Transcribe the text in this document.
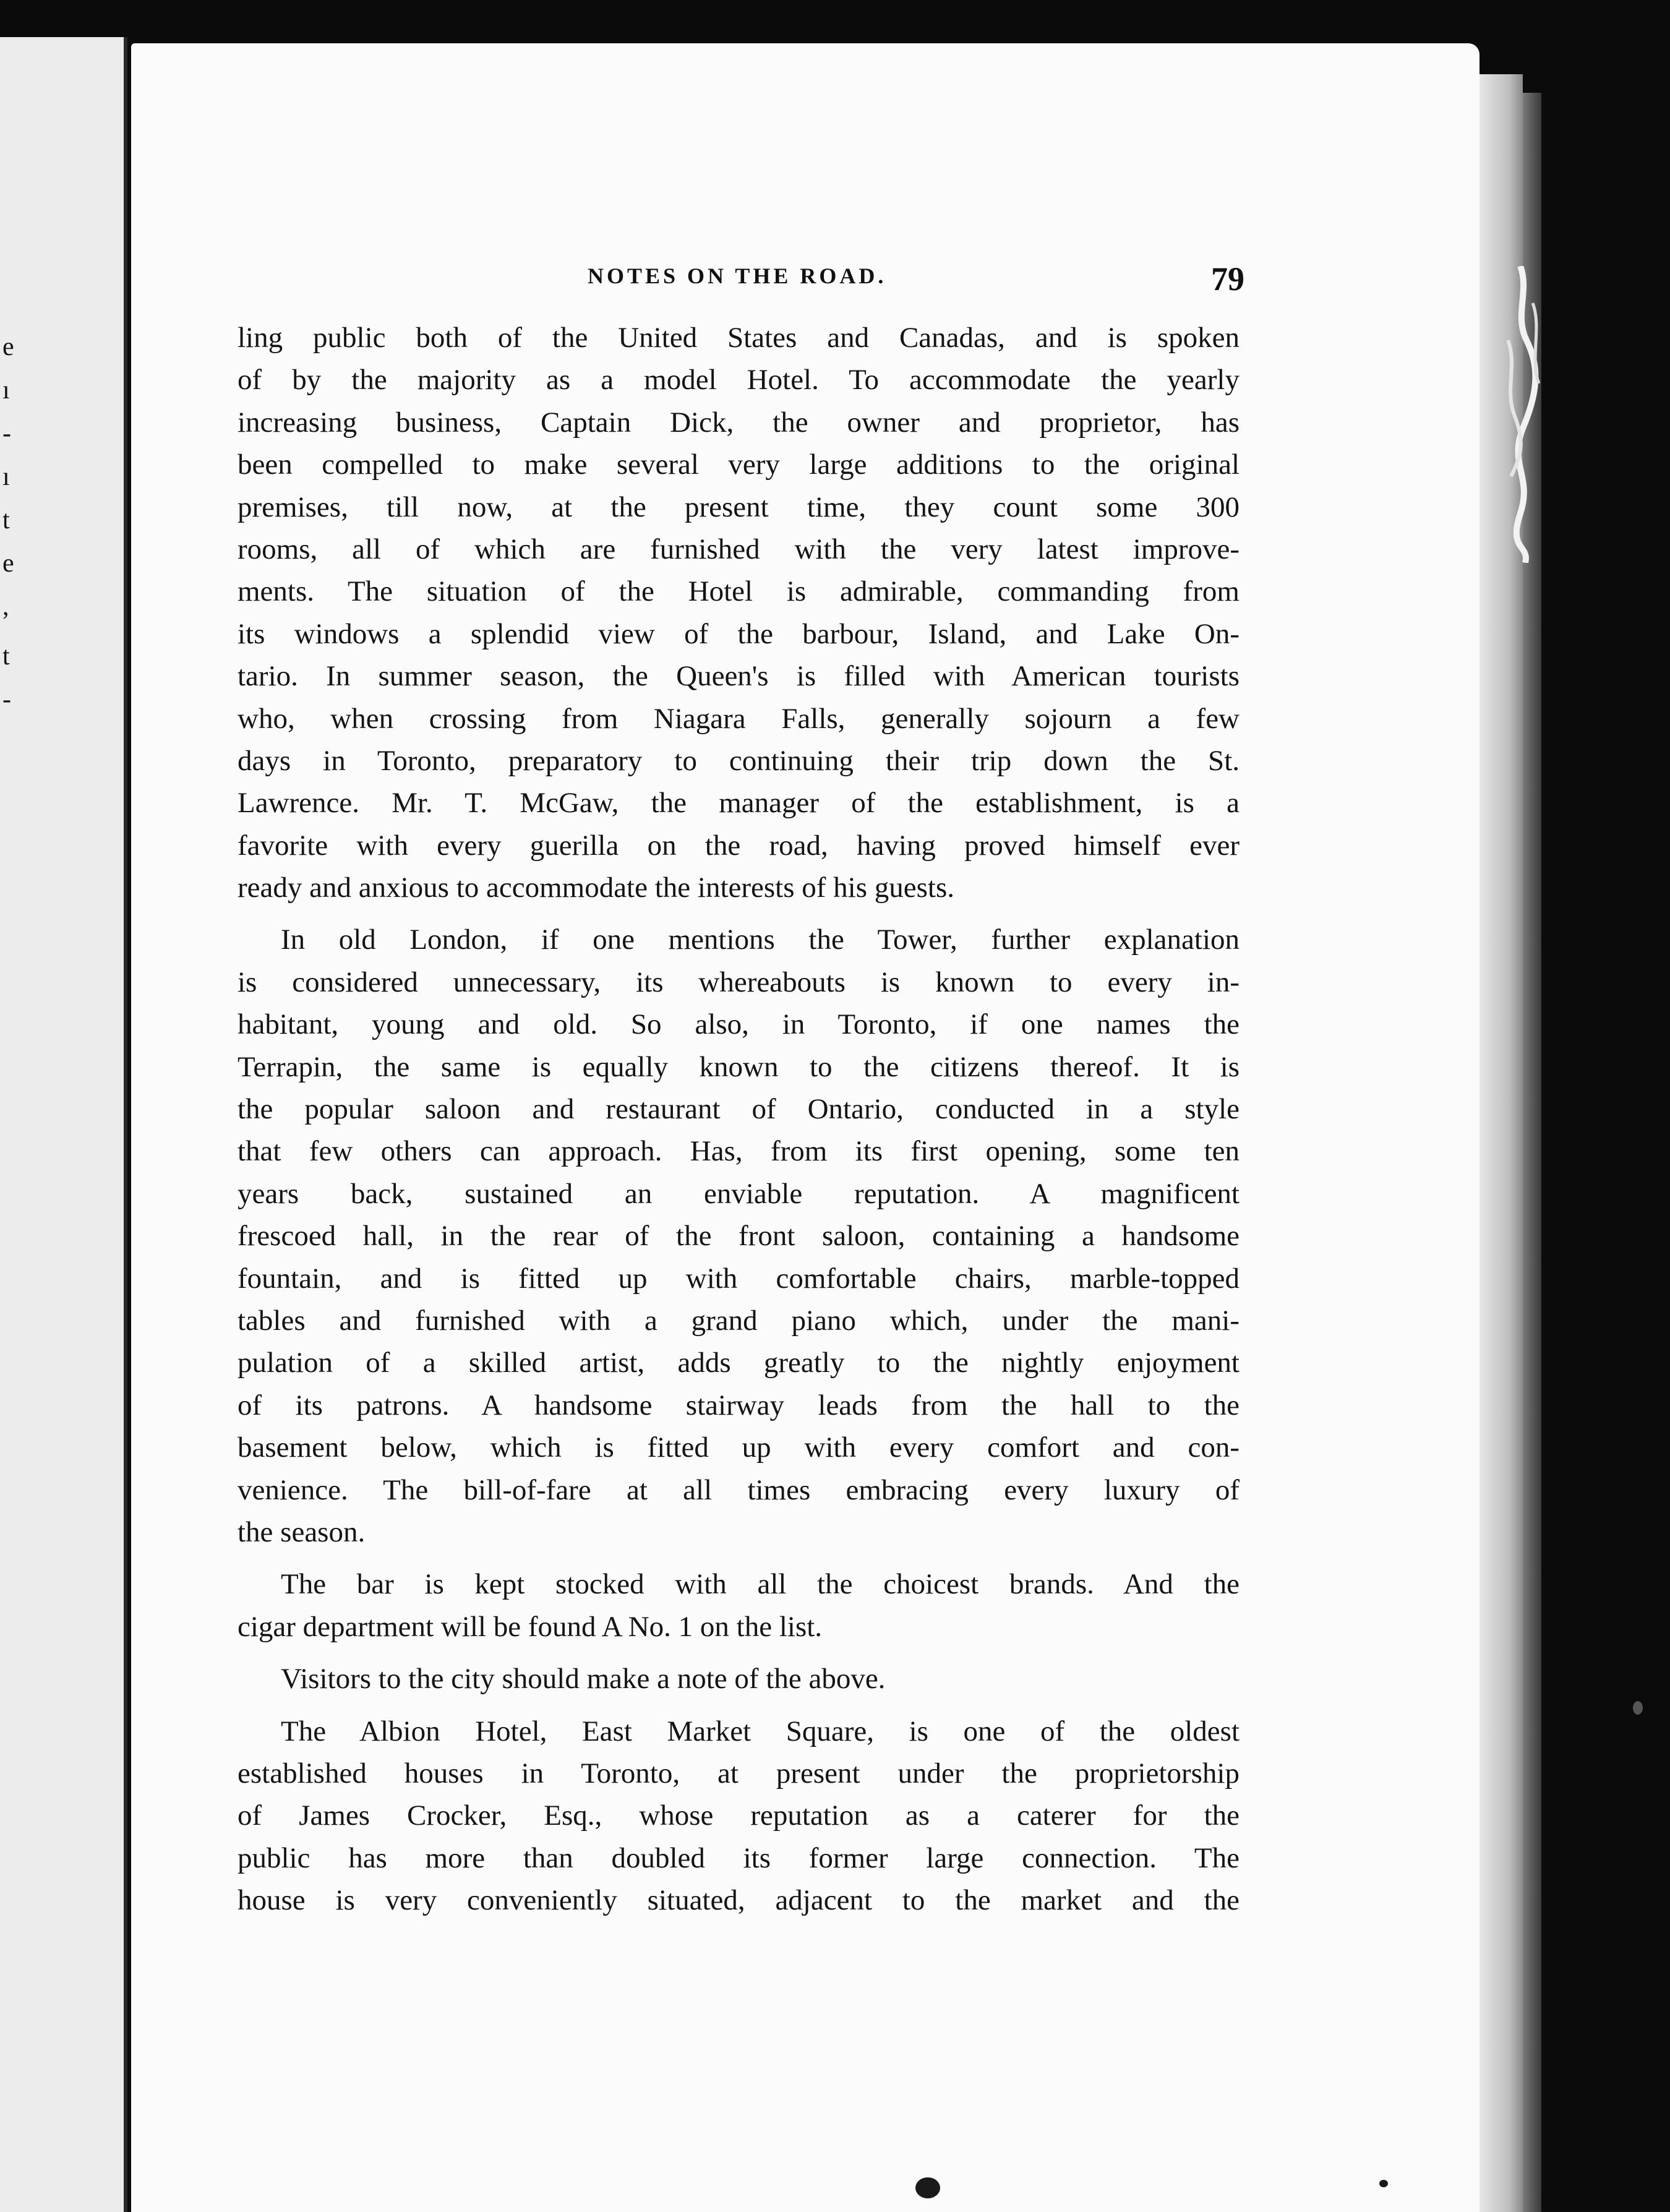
NOTES ON THE ROAD.	79
e
ı
-
ı
t
e
,
t
-
ling public both of the United States and Canadas, and is spoken
of by the majority as a model Hotel. To accommodate the yearly
increasing business, Captain Dick, the owner and proprietor, has
been compelled to make several very large additions to the original
premises, till now, at the present time, they count some 300
rooms, all of which are furnished with the very latest improve-
ments. The situation of the Hotel is admirable, commanding from
its windows a splendid view of the barbour, Island, and Lake On-
tario. In summer season, the Queen's is filled with American tourists
who, when crossing from Niagara Falls, generally sojourn a few
days in Toronto, preparatory to continuing their trip down the St.
Lawrence. Mr. T. McGaw, the manager of the establishment, is a
favorite with every guerilla on the road, having proved himself ever
ready and anxious to accommodate the interests of his guests.
In old London, if one mentions the Tower, further explanation
is considered unnecessary, its whereabouts is known to every in-
habitant, young and old. So also, in Toronto, if one names the
Terrapin, the same is equally known to the citizens thereof. It is
the popular saloon and restaurant of Ontario, conducted in a style
that few others can approach. Has, from its first opening, some ten
years back, sustained an enviable reputation. A magnificent
frescoed hall, in the rear of the front saloon, containing a handsome
fountain, and is fitted up with comfortable chairs, marble-topped
tables and furnished with a grand piano which, under the mani-
pulation of a skilled artist, adds greatly to the nightly enjoyment
of its patrons. A handsome stairway leads from the hall to the
basement below, which is fitted up with every comfort and con-
venience. The bill-of-fare at all times embracing every luxury of
the season.
The bar is kept stocked with all the choicest brands. And the
cigar department will be found A No. 1 on the list.
Visitors to the city should make a note of the above.
The Albion Hotel, East Market Square, is one of the oldest
established houses in Toronto, at present under the proprietorship
of James Crocker, Esq., whose reputation as a caterer for the
public has more than doubled its former large connection. The
house is very conveniently situated, adjacent to the market and the
